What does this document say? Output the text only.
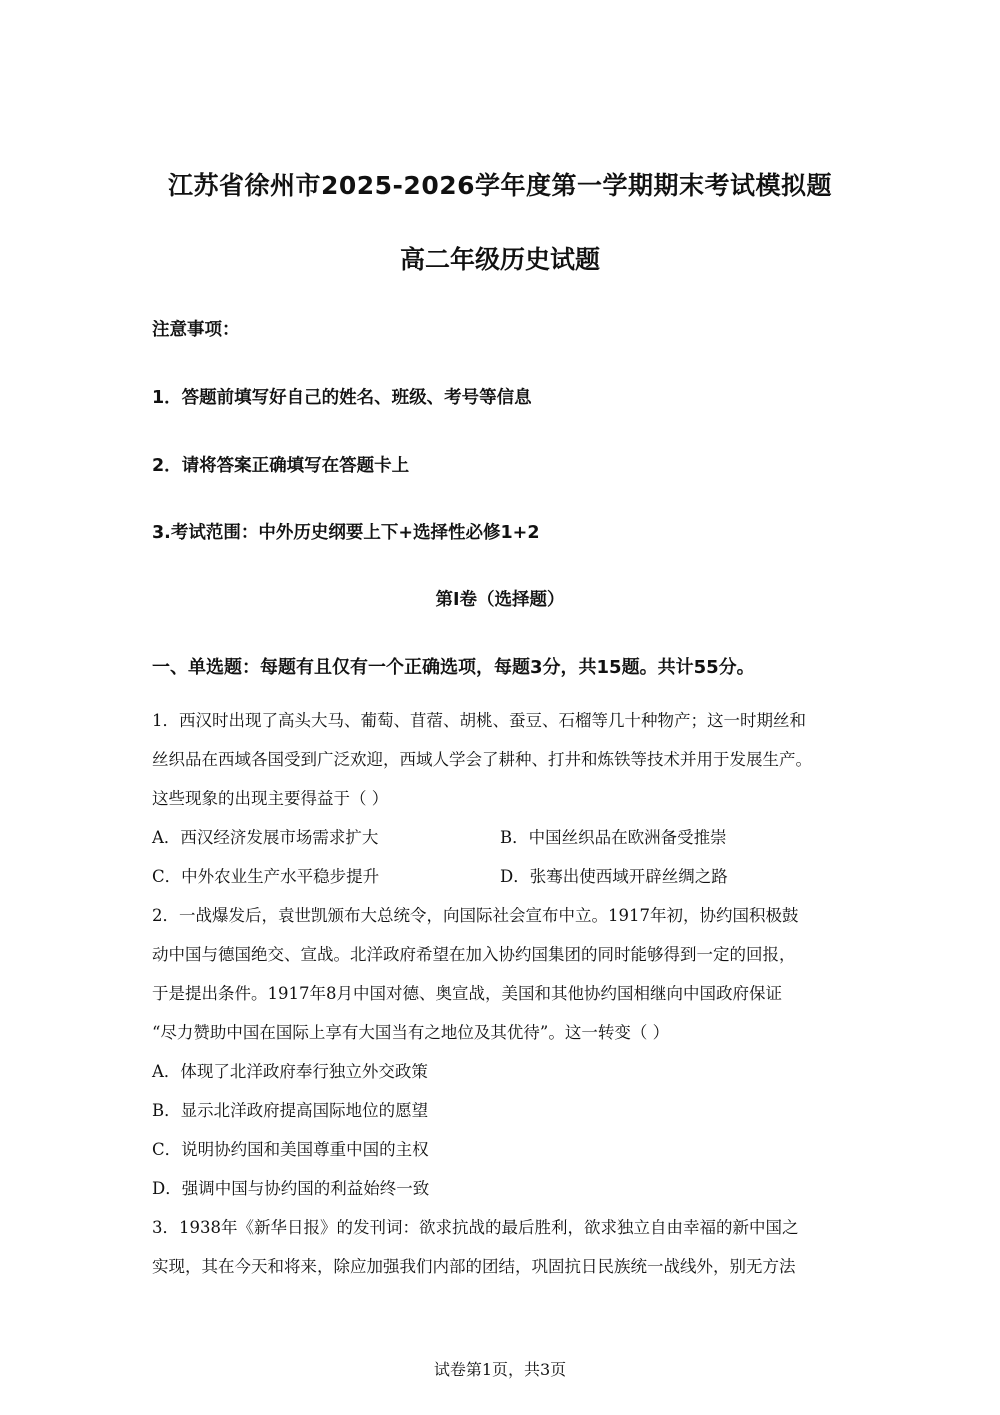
江苏省徐州市2025-2026学年度第一学期期末考试模拟题
高二年级历史试题
注意事项：
1．答题前填写好自己的姓名、班级、考号等信息
2．请将答案正确填写在答题卡上
3.考试范围：中外历史纲要上下+选择性必修1+2
第I卷（选择题）
一、单选题：每题有且仅有一个正确选项，每题3分，共15题。共计55分。
1．西汉时出现了高头大马、葡萄、苜蓿、胡桃、蚕豆、石榴等几十种物产；这一时期丝和
丝织品在西域各国受到广泛欢迎，西域人学会了耕种、打井和炼铁等技术并用于发展生产。
这些现象的出现主要得益于（ ）
A．西汉经济发展市场需求扩大	B．中国丝织品在欧洲备受推崇
C．中外农业生产水平稳步提升	D．张骞出使西域开辟丝绸之路
2．一战爆发后，袁世凯颁布大总统令，向国际社会宣布中立。1917年初，协约国积极鼓
动中国与德国绝交、宣战。北洋政府希望在加入协约国集团的同时能够得到一定的回报，
于是提出条件。1917年8月中国对德、奥宣战，美国和其他协约国相继向中国政府保证
“尽力赞助中国在国际上享有大国当有之地位及其优待”。这一转变（ ）
A．体现了北洋政府奉行独立外交政策
B．显示北洋政府提高国际地位的愿望
C．说明协约国和美国尊重中国的主权
D．强调中国与协约国的利益始终一致
3．1938年《新华日报》的发刊词：欲求抗战的最后胜利，欲求独立自由幸福的新中国之
实现，其在今天和将来，除应加强我们内部的团结，巩固抗日民族统一战线外，别无方法
试卷第1页，共3页
